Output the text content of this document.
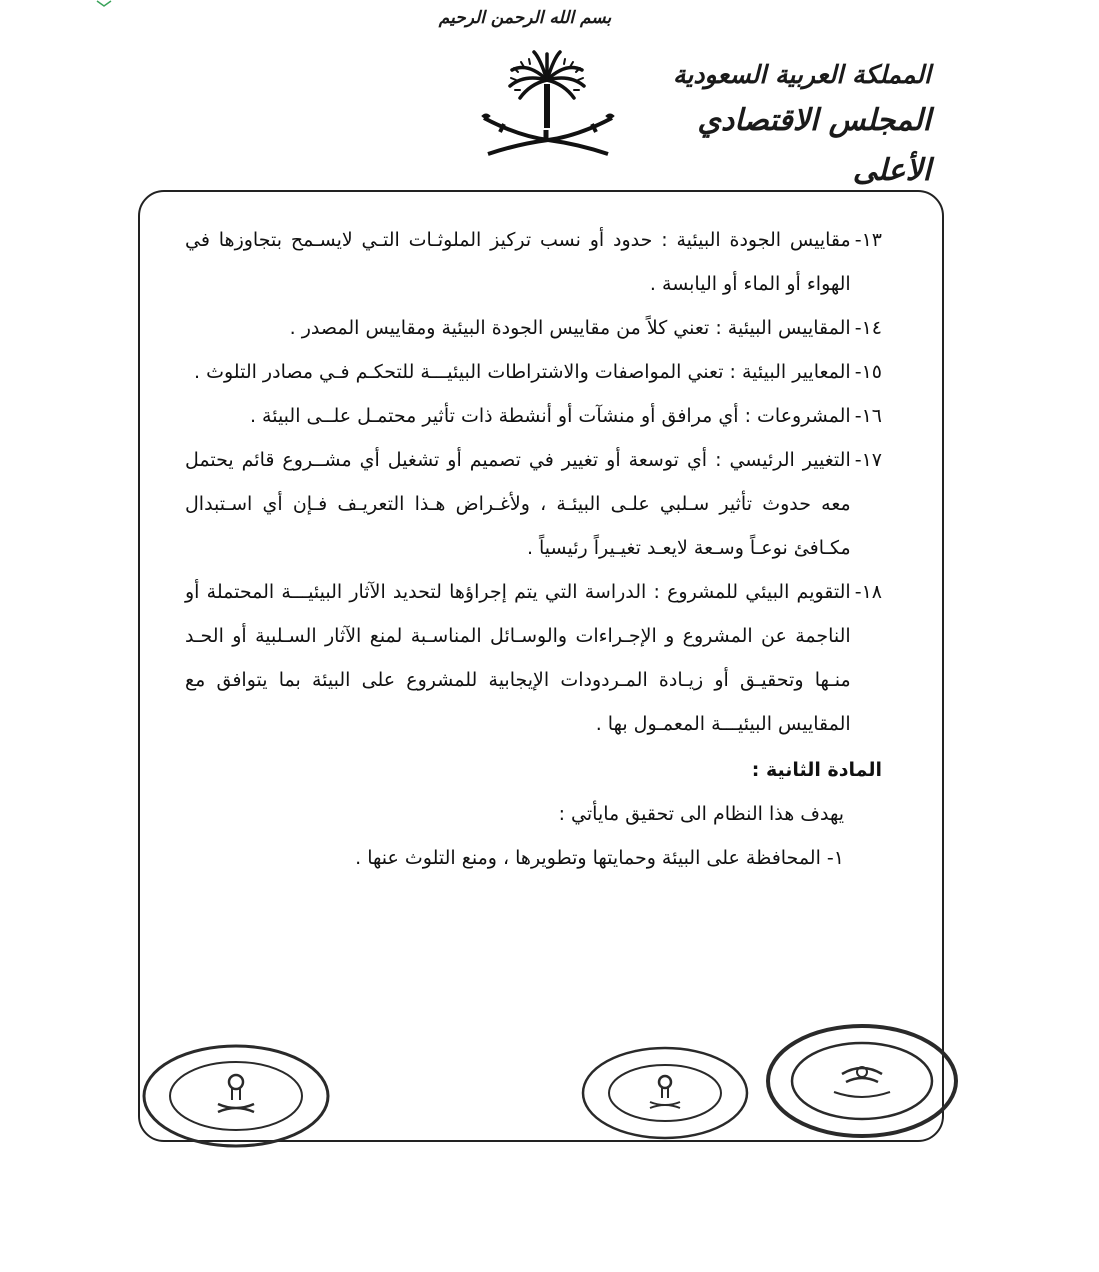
بسم الله الرحمن الرحيم
المملكة العربية السعودية
المجلس الاقتصادي الأعلى
١٣-
مقاييس الجودة البيئية : حدود أو نسب تركيز الملوثـات التـي لايسـمح بتجاوزها في الهواء أو الماء أو اليابسة .
١٤-
المقاييس البيئية : تعني كلاً من مقاييس الجودة البيئية ومقاييس المصدر .
١٥-
المعايير البيئية : تعني المواصفات والاشتراطات البيئيـــة للتحكـم فـي مصادر التلوث .
١٦-
المشروعات : أي مرافق أو منشآت أو أنشطة ذات تأثير محتمـل علــى البيئة .
١٧-
التغيير الرئيسي : أي توسعة أو تغيير في تصميم أو تشغيل أي مشــروع قائم يحتمل معه حدوث تأثير سـلبي علـى البيئـة ، ولأغـراض هـذا التعريـف فـإن أي اسـتبدال مكـافئ نوعـاً وسـعة لايعـد تغيـيراً رئيسياً .
١٨-
التقويم البيئي للمشروع : الدراسة التي يتم إجراؤها لتحديد الآثار البيئيـــة المحتملة أو الناجمة عن المشروع و الإجـراءات والوسـائل المناسـبة لمنع الآثار السـلبية أو الحـد منـها وتحقيـق أو زيـادة المـردودات الإيجابية للمشروع على البيئة بما يتوافق مع المقاييس البيئيـــة المعمـول بها .
المادة الثانية :
يهدف هذا النظام الى تحقيق مايأتي :
١- المحافظة على البيئة وحمايتها وتطويرها ، ومنع التلوث عنها .
